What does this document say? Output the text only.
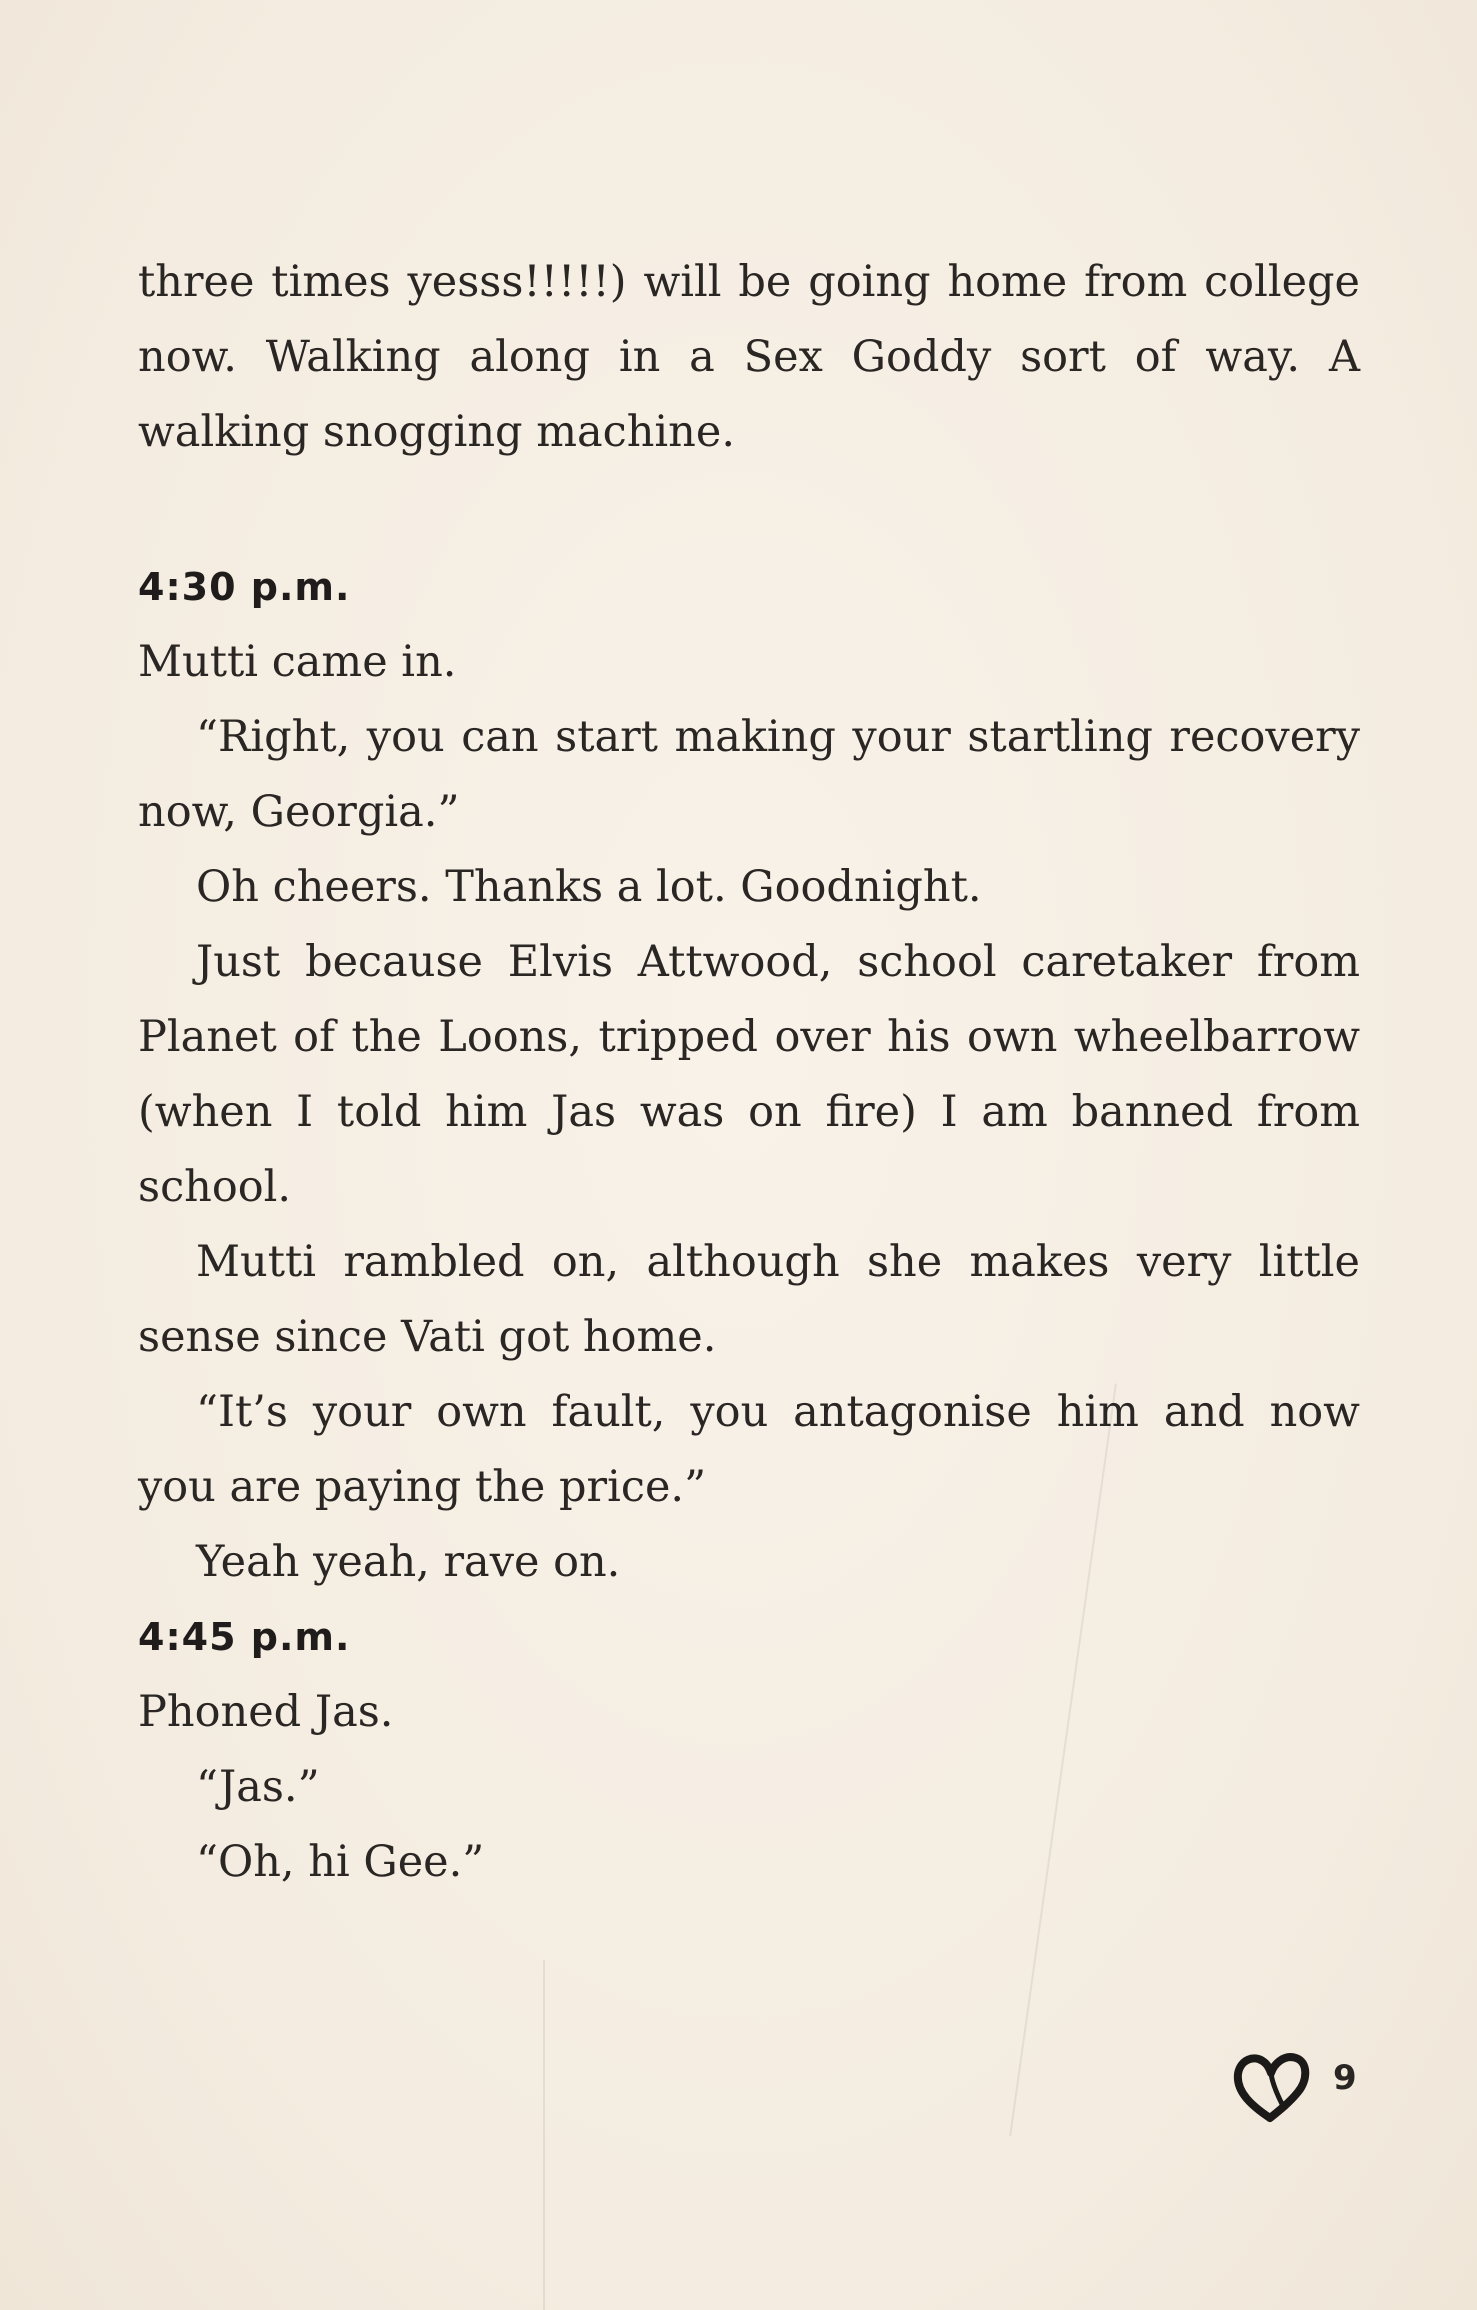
three times yesss!!!!!) will be going home from college now. Walking along in a Sex Goddy sort of way. A walking snogging machine.

4:30 p.m.

Mutti came in.

“Right, you can start making your startling recovery now, Georgia.”

Oh cheers. Thanks a lot. Goodnight.

Just because Elvis Attwood, school caretaker from Planet of the Loons, tripped over his own wheelbarrow (when I told him Jas was on fire) I am banned from school.

Mutti rambled on, although she makes very little sense since Vati got home.

“It’s your own fault, you antagonise him and now you are paying the price.”

Yeah yeah, rave on.

4:45 p.m.

Phoned Jas.

“Jas.”

“Oh, hi Gee.”

9
